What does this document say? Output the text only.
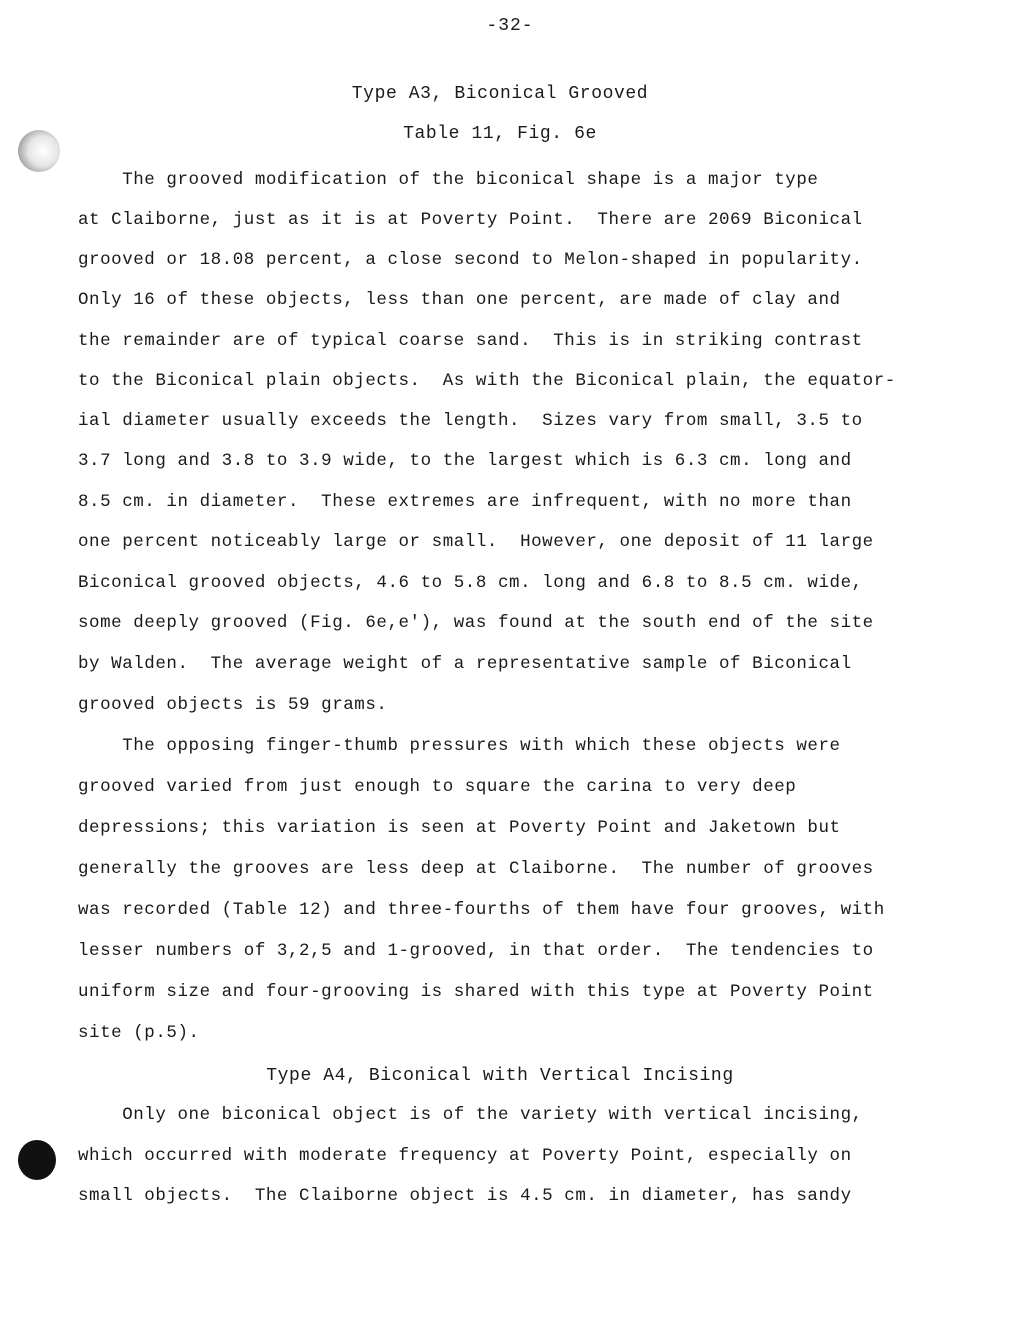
-32-
Type A3, Biconical Grooved
Table 11, Fig. 6e
The grooved modification of the biconical shape is a major type
at Claiborne, just as it is at Poverty Point.  There are 2069 Biconical
grooved or 18.08 percent, a close second to Melon-shaped in popularity.
Only 16 of these objects, less than one percent, are made of clay and
the remainder are of typical coarse sand.  This is in striking contrast
to the Biconical plain objects.  As with the Biconical plain, the equator-
ial diameter usually exceeds the length.  Sizes vary from small, 3.5 to
3.7 long and 3.8 to 3.9 wide, to the largest which is 6.3 cm. long and
8.5 cm. in diameter.  These extremes are infrequent, with no more than
one percent noticeably large or small.  However, one deposit of 11 large
Biconical grooved objects, 4.6 to 5.8 cm. long and 6.8 to 8.5 cm. wide,
some deeply grooved (Fig. 6e,e'), was found at the south end of the site
by Walden.  The average weight of a representative sample of Biconical
grooved objects is 59 grams.
The opposing finger-thumb pressures with which these objects were
grooved varied from just enough to square the carina to very deep
depressions; this variation is seen at Poverty Point and Jaketown but
generally the grooves are less deep at Claiborne.  The number of grooves
was recorded (Table 12) and three-fourths of them have four grooves, with
lesser numbers of 3,2,5 and 1-grooved, in that order.  The tendencies to
uniform size and four-grooving is shared with this type at Poverty Point
site (p.5).
Type A4, Biconical with Vertical Incising
Only one biconical object is of the variety with vertical incising,
which occurred with moderate frequency at Poverty Point, especially on
small objects.  The Claiborne object is 4.5 cm. in diameter, has sandy
